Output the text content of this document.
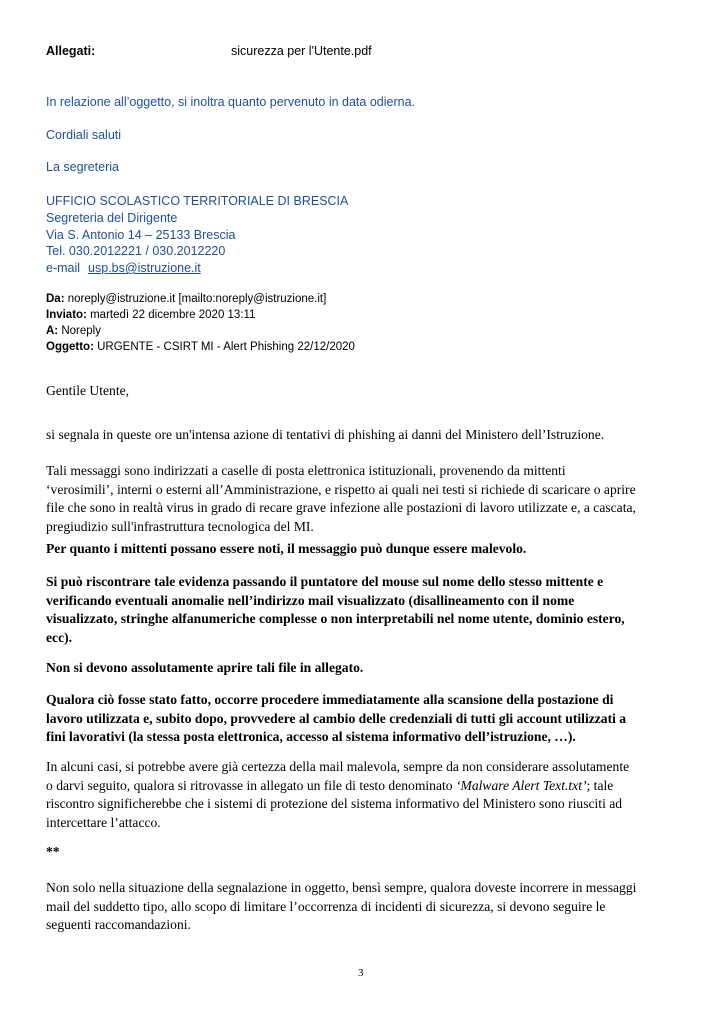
Allegati:	sicurezza per l'Utente.pdf
In relazione all’oggetto, si inoltra quanto pervenuto in data odierna.
Cordiali saluti
La segreteria
UFFICIO SCOLASTICO TERRITORIALE DI BRESCIA
Segreteria del Dirigente
Via S. Antonio 14 – 25133 Brescia
Tel. 030.2012221 / 030.2012220
e-mail usp.bs@istruzione.it
Da: noreply@istruzione.it [mailto:noreply@istruzione.it]
Inviato: martedì 22 dicembre 2020 13:11
A: Noreply
Oggetto: URGENTE - CSIRT MI - Alert Phishing 22/12/2020
Gentile Utente,
si segnala in queste ore un'intensa azione di tentativi di phishing ai danni del Ministero dell’Istruzione.
Tali messaggi sono indirizzati a caselle di posta elettronica istituzionali, provenendo da mittenti
‘verosimili’, interni o esterni all’Amministrazione, e rispetto ai quali nei testi si richiede di scaricare o aprire
file che sono in realtà virus in grado di recare grave infezione alle postazioni di lavoro utilizzate e, a cascata,
pregiudizio sull'infrastruttura tecnologica del MI.
Per quanto i mittenti possano essere noti, il messaggio può dunque essere malevolo.
Si può riscontrare tale evidenza passando il puntatore del mouse sul nome dello stesso mittente e
verificando eventuali anomalie nell’indirizzo mail visualizzato (disallineamento con il nome
visualizzato, stringhe alfanumeriche complesse o non interpretabili nel nome utente, dominio estero,
ecc).
Non si devono assolutamente aprire tali file in allegato.
Qualora ciò fosse stato fatto, occorre procedere immediatamente alla scansione della postazione di
lavoro utilizzata e, subito dopo, provvedere al cambio delle credenziali di tutti gli account utilizzati a
fini lavorativi (la stessa posta elettronica, accesso al sistema informativo dell’istruzione, …).
In alcuni casi, si potrebbe avere già certezza della mail malevola, sempre da non considerare assolutamente
o darvi seguito, qualora si ritrovasse in allegato un file di testo denominato ‘Malware Alert Text.txt’; tale
riscontro significherebbe che i sistemi di protezione del sistema informativo del Ministero sono riusciti ad
intercettare l’attacco.
**
Non solo nella situazione della segnalazione in oggetto, bensì sempre, qualora doveste incorrere in messaggi
mail del suddetto tipo, allo scopo di limitare l’occorrenza di incidenti di sicurezza, si devono seguire le
seguenti raccomandazioni.
3
